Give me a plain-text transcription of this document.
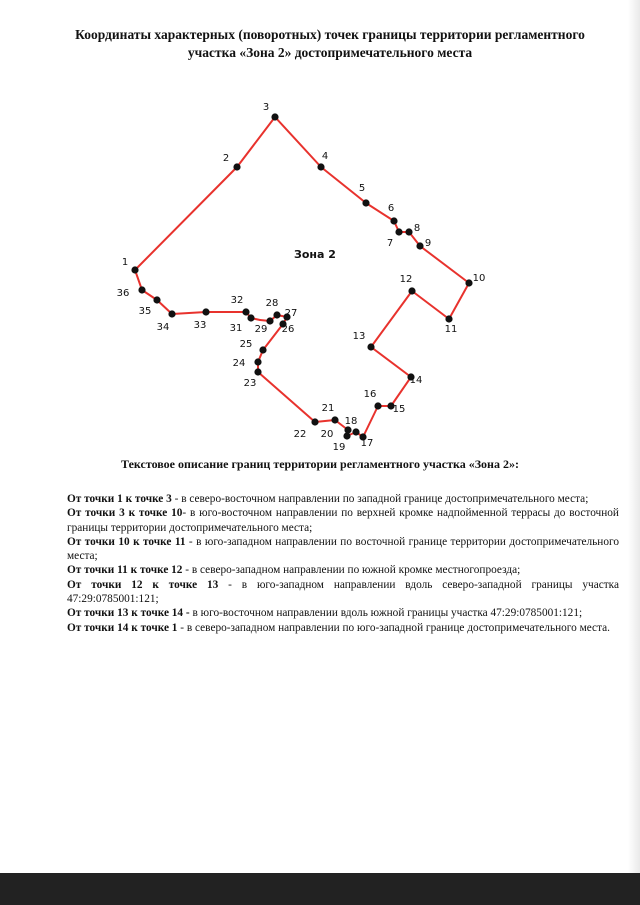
Координаты характерных (поворотных) точек границы территории регламентного участка «Зона 2» достопримечательного места
Зона 2
1
2
3
4
5
6
7
8
9
10
11
12
13
14
15
16
17
18
19
20
21
22
23
24
25
26
27
28
29
31
32
33
34
35
36
Текстовое описание границ территории регламентного участка «Зона 2»:

От точки 1 к точке 3 - в северо-восточном направлении по западной границе достопримечательного места;

От точки 3 к точке 10- в юго-восточном направлении по верхней кромке надпойменной террасы до восточной границы территории достопримечательного места;

От точки 10 к точке 11 - в юго-западном направлении по восточной границе территории достопримечательного места;

От точки 11 к точке 12 - в северо-западном направлении по южной кромке местногопроезда;

От точки 12 к точке 13 - в юго-западном направлении вдоль северо-западной границы участка 47:29:0785001:121;

От точки 13 к точке 14 - в юго-восточном направлении вдоль южной границы участка 47:29:0785001:121;

От точки 14 к точке 1 - в северо-западном направлении по юго-западной границе достопримечательного места.
